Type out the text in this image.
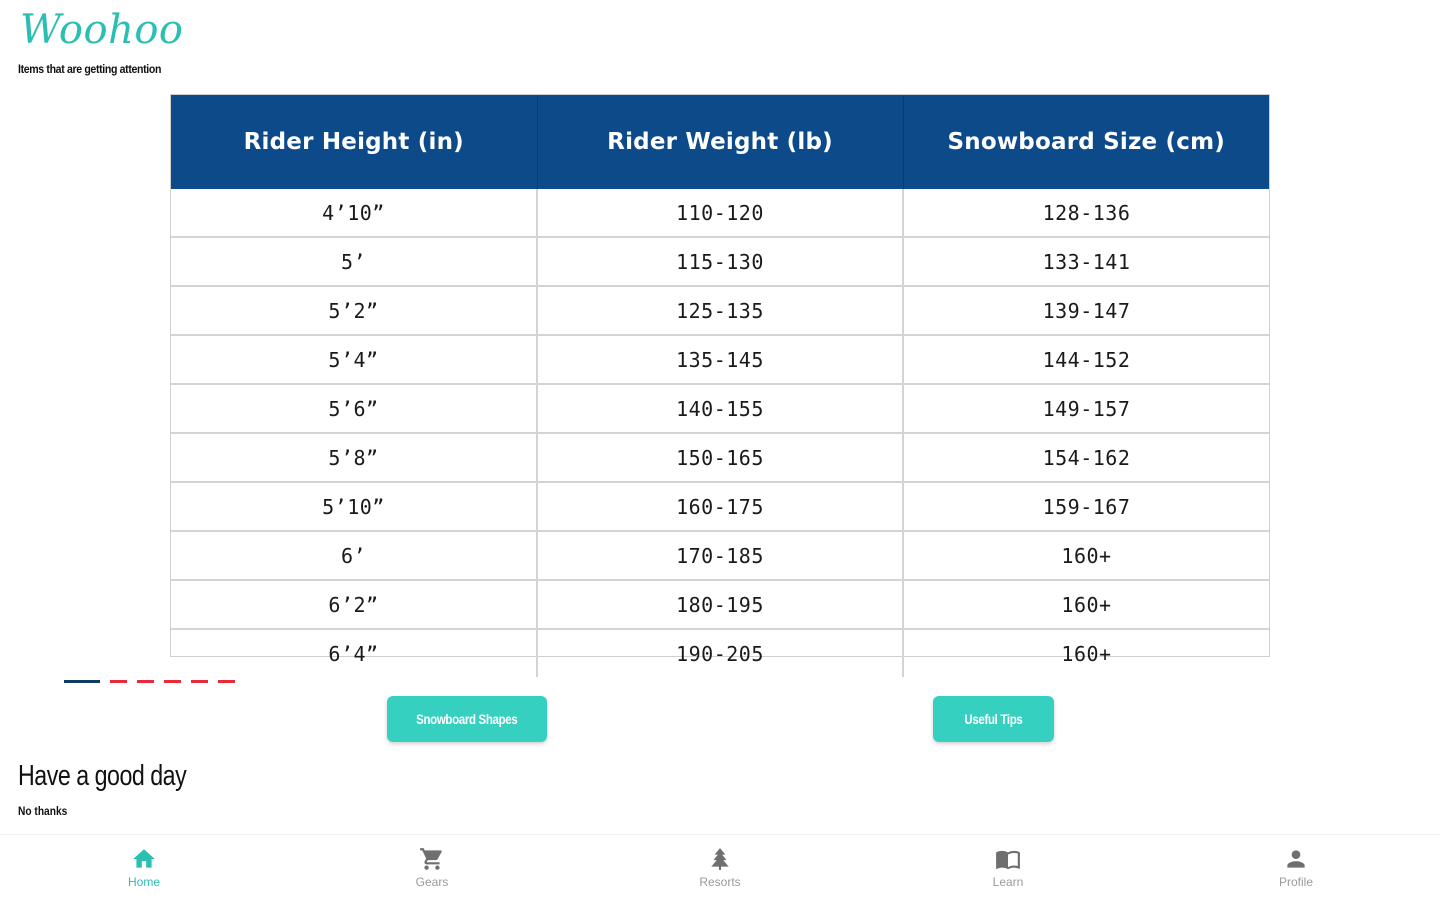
Woohoo
Items that are getting attention
Rider Height (in)	Rider Weight (lb)	Snowboard Size (cm)
4’10”	110-120	128-136
5’	115-130	133-141
5’2”	125-135	139-147
5’4”	135-145	144-152
5’6”	140-155	149-157
5’8”	150-165	154-162
5’10”	160-175	159-167
6’	170-185	160+
6’2”	180-195	160+
6’4”	190-205	160+
Snowboard Shapes	Useful Tips
Have a good day
No thanks
Home	Gears	Resorts	Learn	Profile
